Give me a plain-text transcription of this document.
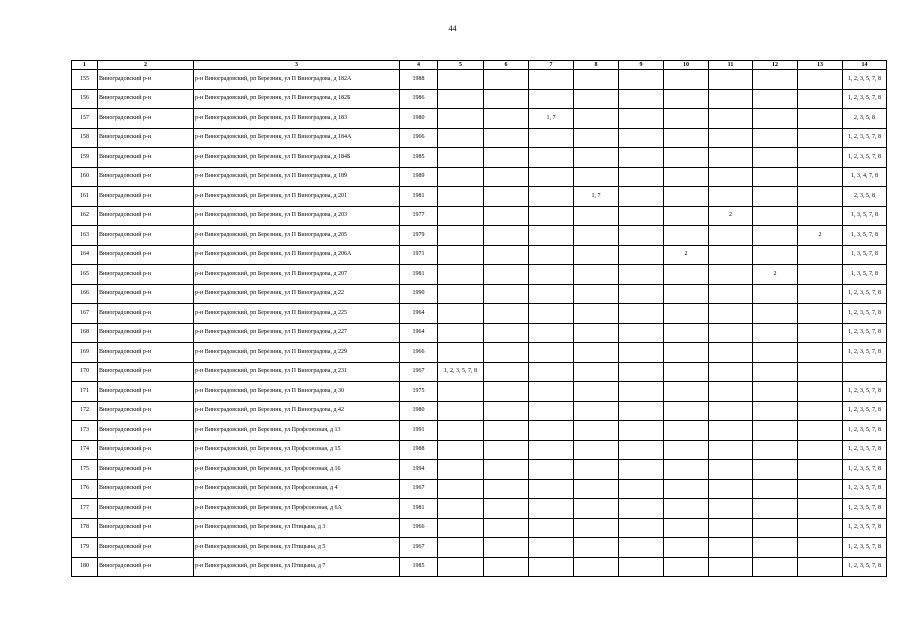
44
1	2	3	4	5	6	7	8	9	10	11	12	13	14
155	Виноградовский р-н	р-н Виноградовский, рп Березник, ул П Виноградова, д 182А	1988										1, 2, 3, 5, 7, 8
156	Виноградовский р-н	р-н Виноградовский, рп Березник, ул П Виноградова, д 182Б	1986										1, 2, 3, 5, 7, 8
157	Виноградовский р-н	р-н Виноградовский, рп Березник, ул П Виноградова, д 183	1980			1, 7							2, 3, 5, 8
158	Виноградовский р-н	р-н Виноградовский, рп Березник, ул П Виноградова, д 184А	1966										1, 2, 3, 5, 7, 8
159	Виноградовский р-н	р-н Виноградовский, рп Березник, ул П Виноградова, д 184Б	1985										1, 2, 3, 5, 7, 8
160	Виноградовский р-н	р-н Виноградовский, рп Березник, ул П Виноградова, д 189	1989										1, 3, 4, 7, 8
161	Виноградовский р-н	р-н Виноградовский, рп Березник, ул П Виноградова, д 201	1981				1, 7						2, 3, 5, 8
162	Виноградовский р-н	р-н Виноградовский, рп Березник, ул П Виноградова, д 203	1977							2			1, 3, 5, 7, 8
163	Виноградовский р-н	р-н Виноградовский, рп Березник, ул П Виноградова, д 205	1979									2	1, 3, 5, 7, 8
164	Виноградовский р-н	р-н Виноградовский, рп Березник, ул П Виноградова, д 206А	1971						2				1, 3, 5, 7, 8
165	Виноградовский р-н	р-н Виноградовский, рп Березник, ул П Виноградова, д 207	1981								2		1, 3, 5, 7, 8
166	Виноградовский р-н	р-н Виноградовский, рп Березник, ул П Виноградова, д 22	1990										1, 2, 3, 5, 7, 8
167	Виноградовский р-н	р-н Виноградовский, рп Березник, ул П Виноградова, д 225	1964										1, 2, 3, 5, 7, 8
168	Виноградовский р-н	р-н Виноградовский, рп Березник, ул П Виноградова, д 227	1964										1, 2, 3, 5, 7, 8
169	Виноградовский р-н	р-н Виноградовский, рп Березник, ул П Виноградова, д 229	1966										1, 2, 3, 5, 7, 8
170	Виноградовский р-н	р-н Виноградовский, рп Березник, ул П Виноградова, д 231	1967	1, 2, 3, 5, 7, 8									
171	Виноградовский р-н	р-н Виноградовский, рп Березник, ул П Виноградова, д 30	1975										1, 2, 3, 5, 7, 8
172	Виноградовский р-н	р-н Виноградовский, рп Березник, ул П Виноградова, д 42	1980										1, 2, 3, 5, 7, 8
173	Виноградовский р-н	р-н Виноградовский, рп Березник, ул Профсоюзная, д 13	1991										1, 2, 3, 5, 7, 8
174	Виноградовский р-н	р-н Виноградовский, рп Березник, ул Профсоюзная, д 15	1988										1, 2, 3, 5, 7, 8
175	Виноградовский р-н	р-н Виноградовский, рп Березник, ул Профсоюзная, д 16	1994										1, 2, 3, 5, 7, 8
176	Виноградовский р-н	р-н Виноградовский, рп Березник, ул Профсоюзная, д 4	1967										1, 2, 3, 5, 7, 8
177	Виноградовский р-н	р-н Виноградовский, рп Березник, ул Профсоюзная, д 6А	1981										1, 2, 3, 5, 7, 8
178	Виноградовский р-н	р-н Виноградовский, рп Березник, ул Птицына, д 3	1966										1, 2, 3, 5, 7, 8
179	Виноградовский р-н	р-н Виноградовский, рп Березник, ул Птицына, д 5	1967										1, 2, 3, 5, 7, 8
180	Виноградовский р-н	р-н Виноградовский, рп Березник, ул Птицына, д 7	1985										1, 2, 3, 5, 7, 8
